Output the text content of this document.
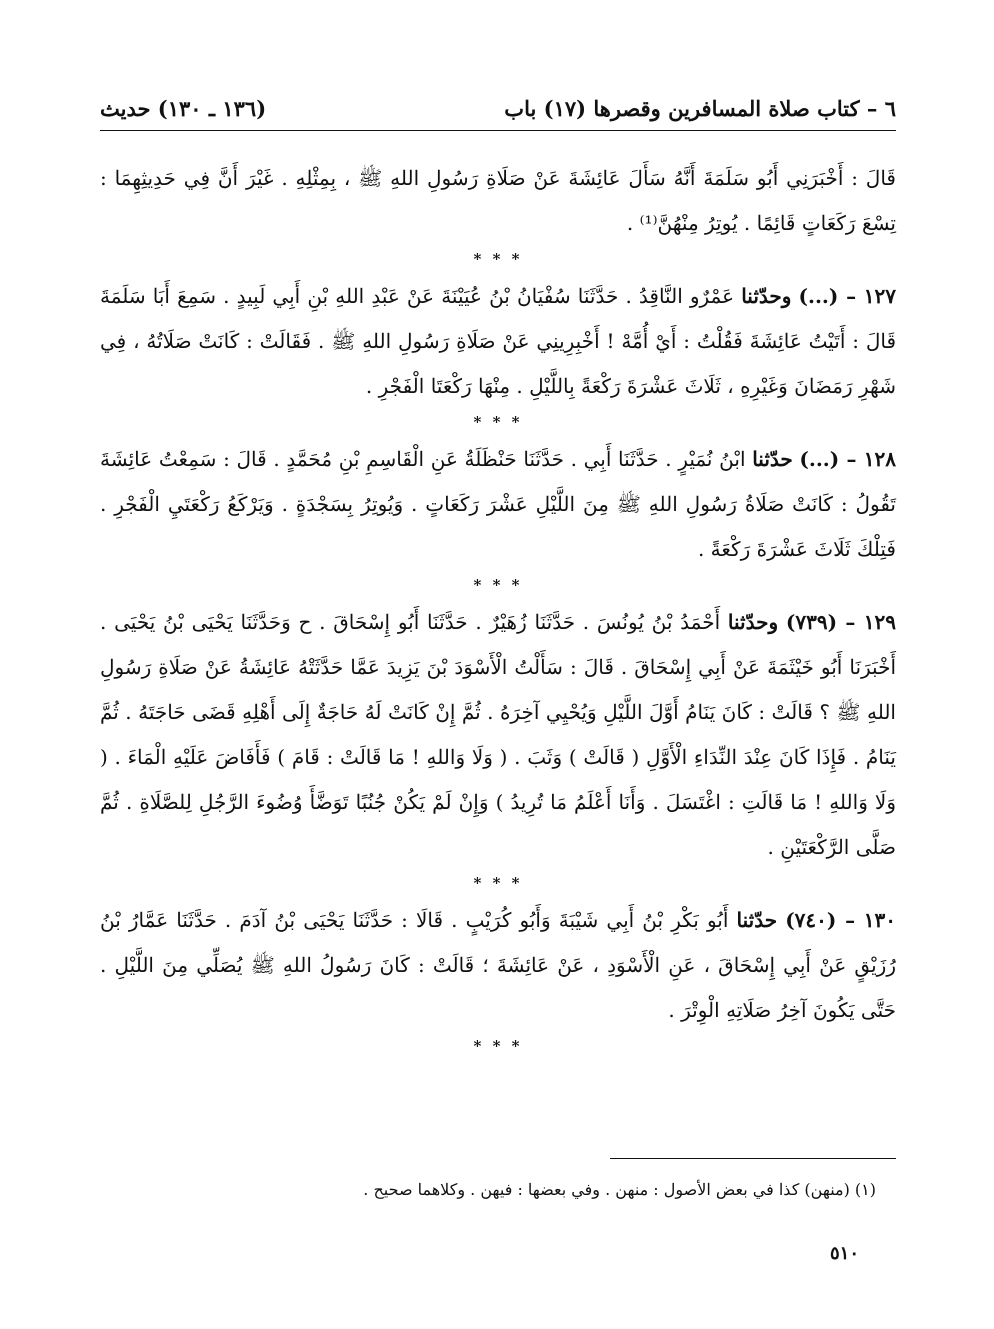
٦ – كتاب صلاة المسافرين وقصرها (١٧) باب
(١٣٦ ـ ١٣٠) حديث

قَالَ : أَخْبَرَنِي أَبُو سَلَمَةَ أَنَّهُ سَأَلَ عَائِشَةَ عَنْ صَلَاةِ رَسُولِ اللهِ ﷺ ، بِمِثْلِهِ . غَيْرَ أَنَّ فِي حَدِيثِهِمَا : تِسْعَ رَكَعَاتٍ قَائِمًا . يُوتِرُ مِنْهُنَّ⁽¹⁾ .

* * *

١٢٧ – (...) وحدّثنا عَمْرٌو النَّاقِدُ . حَدَّثَنَا سُفْيَانُ بْنُ عُيَيْنَةَ عَنْ عَبْدِ اللهِ بْنِ أَبِي لَبِيدٍ . سَمِعَ أَبَا سَلَمَةَ قَالَ : أَتَيْتُ عَائِشَةَ فَقُلْتُ : أَيْ أُمَّهْ ! أَخْبِرِينِي عَنْ صَلَاةِ رَسُولِ اللهِ ﷺ . فَقَالَتْ : كَانَتْ صَلَاتُهُ ، فِي شَهْرِ رَمَضَانَ وَغَيْرِهِ ، ثَلَاثَ عَشْرَةَ رَكْعَةً بِاللَّيْلِ . مِنْهَا رَكْعَتَا الْفَجْرِ .

* * *

١٢٨ – (...) حدّثنا ابْنُ نُمَيْرٍ . حَدَّثَنَا أَبِي . حَدَّثَنَا حَنْظَلَةُ عَنِ الْقَاسِمِ بْنِ مُحَمَّدٍ . قَالَ : سَمِعْتُ عَائِشَةَ تَقُولُ : كَانَتْ صَلَاةُ رَسُولِ اللهِ ﷺ مِنَ اللَّيْلِ عَشْرَ رَكَعَاتٍ . وَيُوتِرُ بِسَجْدَةٍ . وَيَرْكَعُ رَكْعَتَيِ الْفَجْرِ . فَتِلْكَ ثَلَاثَ عَشْرَةَ رَكْعَةً .

* * *

١٢٩ – (٧٣٩) وحدّثنا أَحْمَدُ بْنُ يُونُسَ . حَدَّثَنَا زُهَيْرٌ . حَدَّثَنَا أَبُو إِسْحَاقَ . ح وَحَدَّثَنَا يَحْيَى بْنُ يَحْيَى . أَخْبَرَنَا أَبُو خَيْثَمَةَ عَنْ أَبِي إِسْحَاقَ . قَالَ : سَأَلْتُ الْأَسْوَدَ بْنَ يَزِيدَ عَمَّا حَدَّثَتْهُ عَائِشَةُ عَنْ صَلَاةِ رَسُولِ اللهِ ﷺ ؟ قَالَتْ : كَانَ يَنَامُ أَوَّلَ اللَّيْلِ وَيُحْيِي آخِرَهُ . ثُمَّ إِنْ كَانَتْ لَهُ حَاجَةٌ إِلَى أَهْلِهِ قَضَى حَاجَتَهُ . ثُمَّ يَنَامُ . فَإِذَا كَانَ عِنْدَ النِّدَاءِ الْأَوَّلِ ( قَالَتْ ) وَثَبَ . ( وَلَا وَاللهِ ! مَا قَالَتْ : قَامَ ) فَأَفَاضَ عَلَيْهِ الْمَاءَ . ( وَلَا وَاللهِ ! مَا قَالَتِ : اغْتَسَلَ . وَأَنَا أَعْلَمُ مَا تُرِيدُ ) وَإِنْ لَمْ يَكُنْ جُنُبًا تَوَضَّأَ وُضُوءَ الرَّجُلِ لِلصَّلَاةِ . ثُمَّ صَلَّى الرَّكْعَتَيْنِ .

* * *

١٣٠ – (٧٤٠) حدّثنا أَبُو بَكْرِ بْنُ أَبِي شَيْبَةَ وَأَبُو كُرَيْبٍ . قَالَا : حَدَّثَنَا يَحْيَى بْنُ آدَمَ . حَدَّثَنَا عَمَّارُ بْنُ رُزَيْقٍ عَنْ أَبِي إِسْحَاقَ ، عَنِ الْأَسْوَدِ ، عَنْ عَائِشَةَ ؛ قَالَتْ : كَانَ رَسُولُ اللهِ ﷺ يُصَلِّي مِنَ اللَّيْلِ . حَتَّى يَكُونَ آخِرُ صَلَاتِهِ الْوِتْرَ .

* * *
(١) (منهن) كذا في بعض الأصول : منهن . وفي بعضها : فيهن . وكلاهما صحيح .
٥١٠
